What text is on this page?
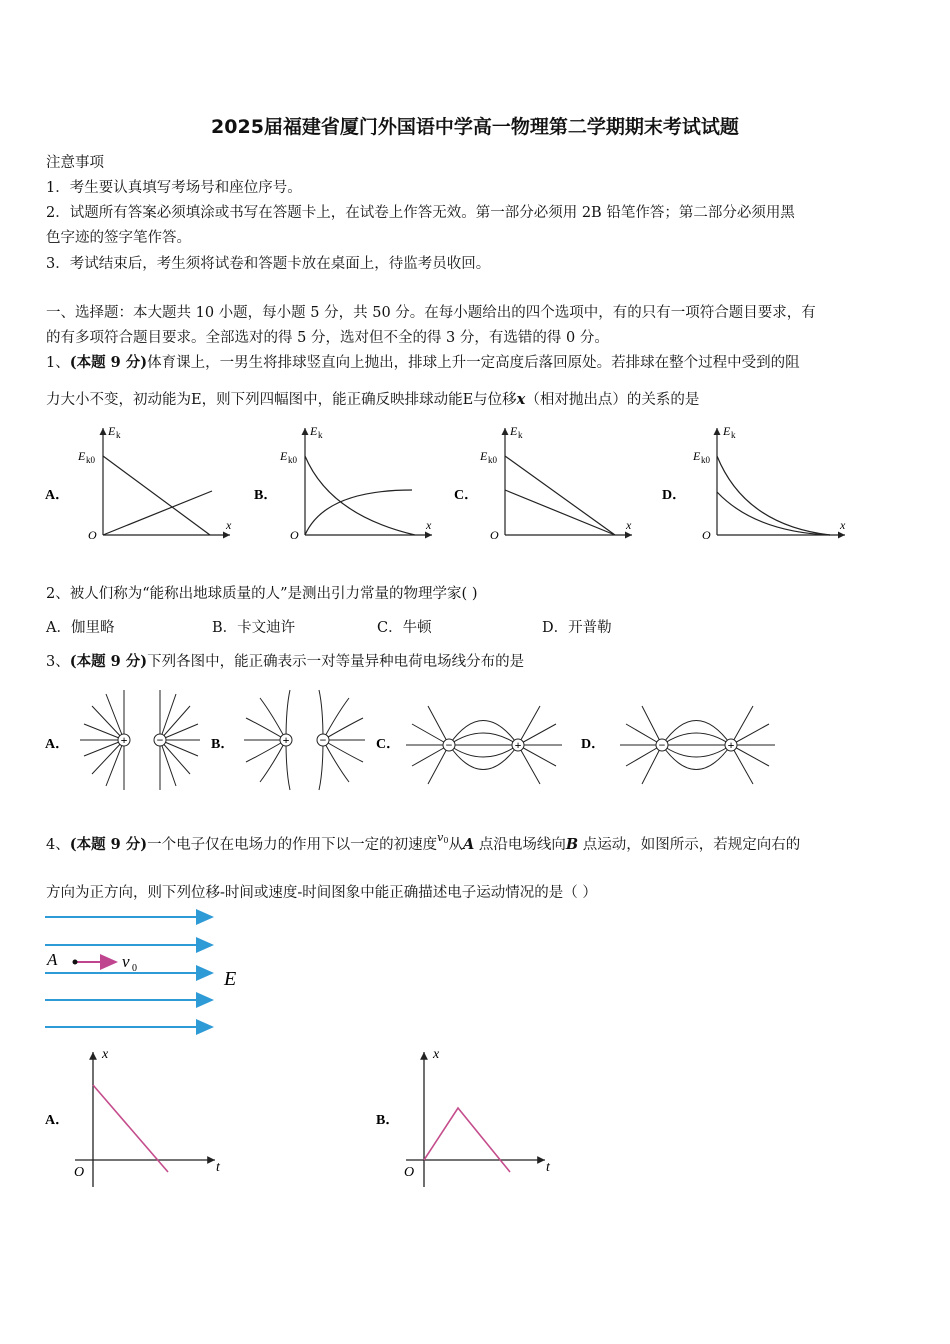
2025届福建省厦门外国语中学高一物理第二学期期末考试试题
注意事项
1．考生要认真填写考场号和座位序号。
2．试题所有答案必须填涂或书写在答题卡上，在试卷上作答无效。第一部分必须用 2B 铅笔作答；第二部分必须用黑
色字迹的签字笔作答。
3．考试结束后，考生须将试卷和答题卡放在桌面上，待监考员收回。
一、选择题：本大题共 10 小题，每小题 5 分，共 50 分。在每小题给出的四个选项中，有的只有一项符合题目要求，有
的有多项符合题目要求。全部选对的得 5 分，选对但不全的得 3 分，有选错的得 0 分。
1、(本题 9 分)体育课上，一男生将排球竖直向上抛出，排球上升一定高度后落回原处。若排球在整个过程中受到的阻
力大小不变，初动能为E，则下列四幅图中，能正确反映排球动能E与位移x（相对抛出点）的关系的是
A．
E k
E k0
x
O
B．
E k
E k0
x
O
C．
E k
E k0
x
O
D．
E k
E k0
x
O
2、被人们称为“能称出地球质量的人”是测出引力常量的物理学家( )
A．伽里略	B．卡文迪许	C．牛顿	D．开普勒
3、(本题 9 分)下列各图中，能正确表示一对等量异种电荷电场线分布的是
+ −	+	−	−	+	−	+
A．	B．	C．	D．
4、(本题 9 分)一个电子仅在电场力的作用下以一定的初速度$^{v0}$从A 点沿电场线向B 点运动，如图所示，若规定向右的
方向为正方向，则下列位移-时间或速度-时间图象中能正确描述电子运动情况的是（ ）
A	v 0	E
A．
x
t
O
B．
x
t
O
